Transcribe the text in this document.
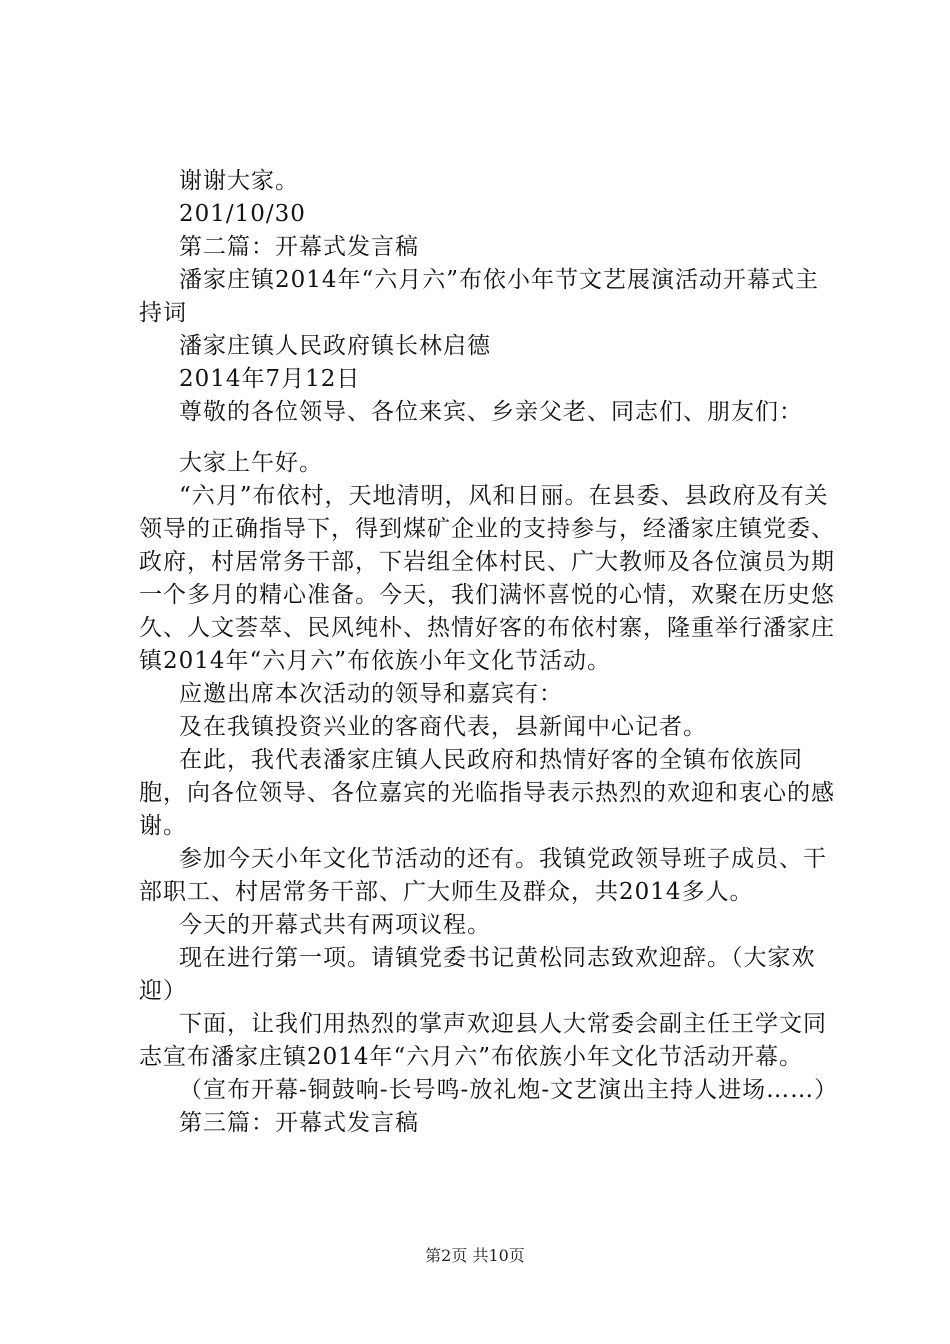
谢谢大家。

201/10/30

第二篇：开幕式发言稿

潘家庄镇2014年“六月六”布依小年节文艺展演活动开幕式主持词

潘家庄镇人民政府镇长林启德

2014年7月12日

尊敬的各位领导、各位来宾、乡亲父老、同志们、朋友们：

大家上午好。

“六月”布依村，天地清明，风和日丽。在县委、县政府及有关领导的正确指导下，得到煤矿企业的支持参与，经潘家庄镇党委、政府，村居常务干部，下岩组全体村民、广大教师及各位演员为期一个多月的精心准备。今天，我们满怀喜悦的心情，欢聚在历史悠久、人文荟萃、民风纯朴、热情好客的布依村寨，隆重举行潘家庄镇2014年“六月六”布依族小年文化节活动。

应邀出席本次活动的领导和嘉宾有：

及在我镇投资兴业的客商代表，县新闻中心记者。

在此，我代表潘家庄镇人民政府和热情好客的全镇布依族同胞，向各位领导、各位嘉宾的光临指导表示热烈的欢迎和衷心的感谢。

参加今天小年文化节活动的还有。我镇党政领导班子成员、干部职工、村居常务干部、广大师生及群众，共2014多人。

今天的开幕式共有两项议程。

现在进行第一项。请镇党委书记黄松同志致欢迎辞。（大家欢迎）

下面，让我们用热烈的掌声欢迎县人大常委会副主任王学文同志宣布潘家庄镇2014年“六月六”布依族小年文化节活动开幕。

（宣布开幕-铜鼓响-长号鸣-放礼炮-文艺演出主持人进场……）

第三篇：开幕式发言稿

第2页 共10页
